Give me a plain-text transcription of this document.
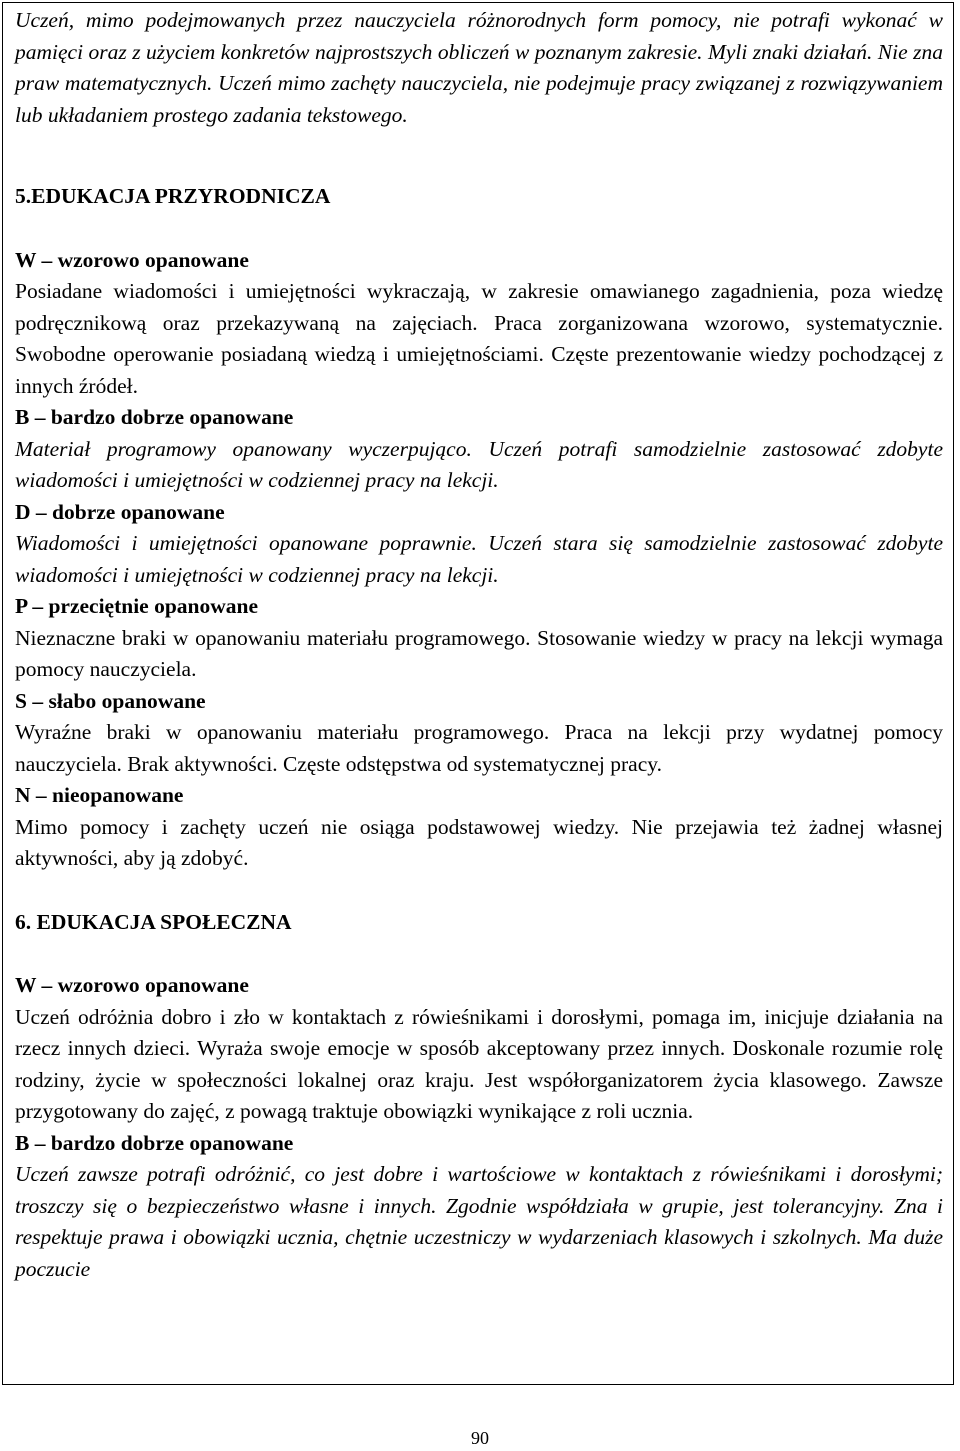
Uczeń, mimo podejmowanych przez nauczyciela różnorodnych form pomocy, nie potrafi wykonać w pamięci oraz z użyciem konkretów najprostszych obliczeń w poznanym zakresie. Myli znaki działań. Nie zna praw matematycznych. Uczeń mimo zachęty nauczyciela, nie podejmuje pracy związanej z rozwiązywaniem lub układaniem prostego zadania tekstowego.

5.EDUKACJA PRZYRODNICZA

W – wzorowo opanowane

Posiadane wiadomości i umiejętności wykraczają, w zakresie omawianego zagadnienia, poza wiedzę podręcznikową oraz przekazywaną na zajęciach. Praca zorganizowana wzorowo, systematycznie. Swobodne operowanie posiadaną wiedzą i umiejętnościami. Częste prezentowanie wiedzy pochodzącej z innych źródeł.

B – bardzo dobrze opanowane

Materiał programowy opanowany wyczerpująco. Uczeń potrafi samodzielnie zastosować zdobyte wiadomości i umiejętności w codziennej pracy na lekcji.

D – dobrze opanowane

Wiadomości i umiejętności opanowane poprawnie. Uczeń stara się samodzielnie zastosować zdobyte wiadomości i umiejętności w codziennej pracy na lekcji.

P – przeciętnie opanowane

Nieznaczne braki w opanowaniu materiału programowego. Stosowanie wiedzy w pracy na lekcji wymaga pomocy nauczyciela.

S – słabo opanowane

Wyraźne braki w opanowaniu materiału programowego. Praca na lekcji przy wydatnej pomocy nauczyciela. Brak aktywności. Częste odstępstwa od systematycznej pracy.

N – nieopanowane

Mimo pomocy i zachęty uczeń nie osiąga podstawowej wiedzy. Nie przejawia też żadnej własnej aktywności, aby ją zdobyć.

6. EDUKACJA SPOŁECZNA

W – wzorowo opanowane

Uczeń odróżnia dobro i zło w kontaktach z rówieśnikami i dorosłymi, pomaga im, inicjuje działania na rzecz innych dzieci. Wyraża swoje emocje w sposób akceptowany przez innych. Doskonale rozumie rolę rodziny, życie w społeczności lokalnej oraz kraju. Jest współorganizatorem życia klasowego. Zawsze przygotowany do zajęć, z powagą traktuje obowiązki wynikające z roli ucznia.

B – bardzo dobrze opanowane

Uczeń zawsze potrafi odróżnić, co jest dobre i wartościowe w kontaktach z rówieśnikami i dorosłymi; troszczy się o bezpieczeństwo własne i innych. Zgodnie współdziała w grupie, jest tolerancyjny. Zna i respektuje prawa i obowiązki ucznia, chętnie uczestniczy w wydarzeniach klasowych i szkolnych. Ma duże poczucie

90
